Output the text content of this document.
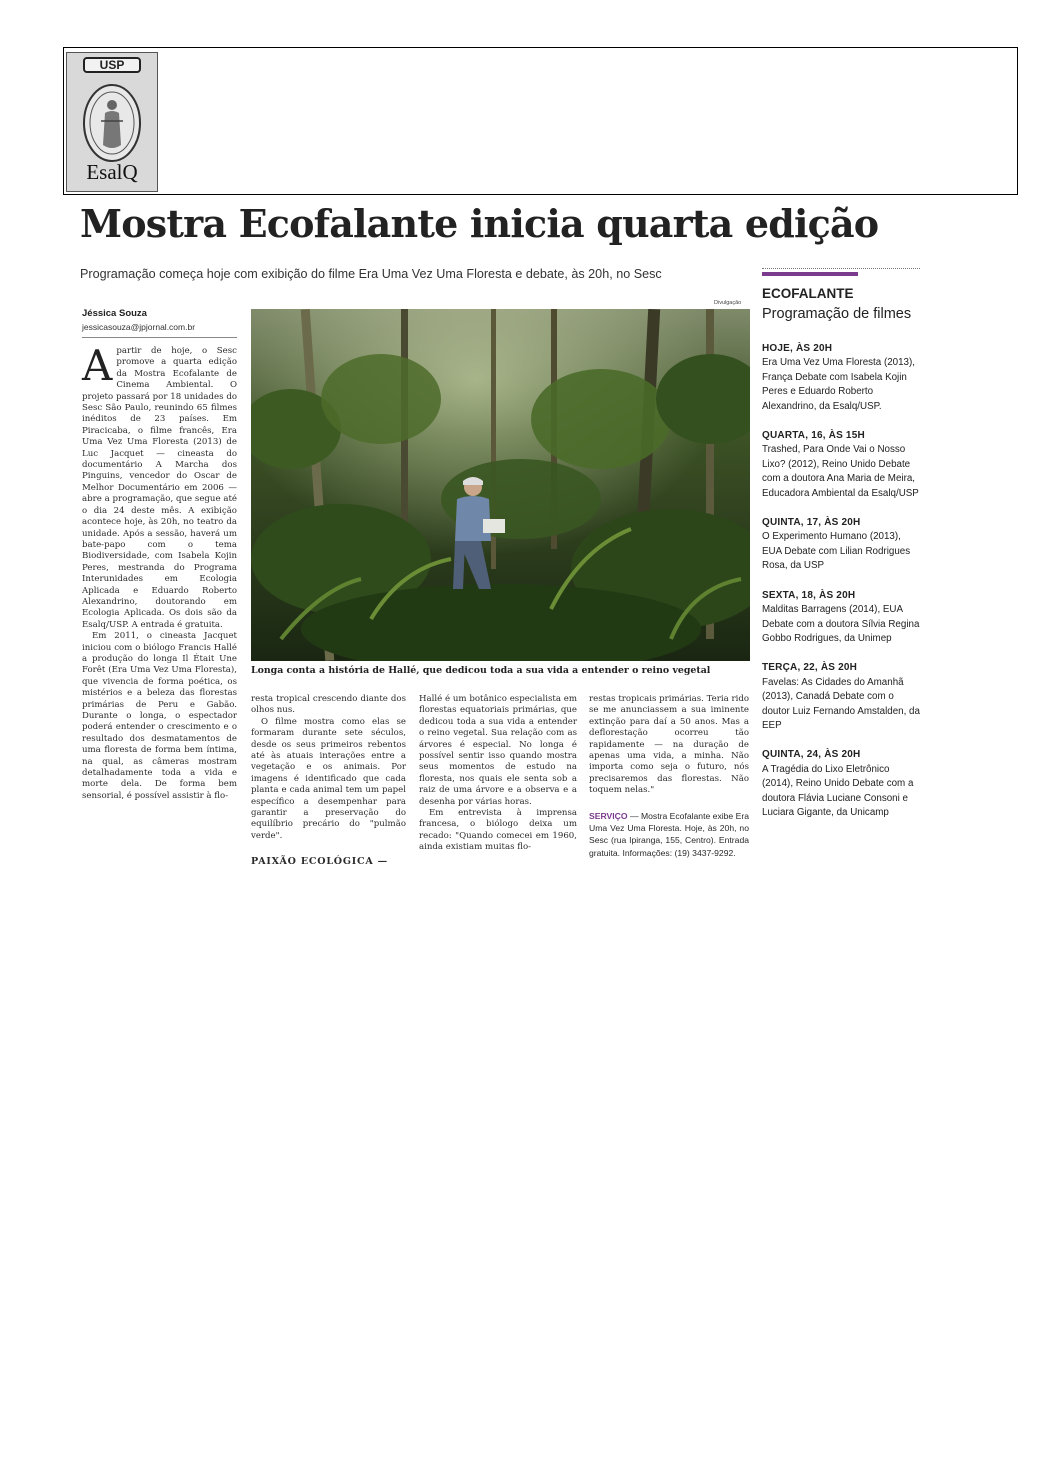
USP
EsalQ
Mostra Ecofalante inicia quarta edição
Programação começa hoje com exibição do filme Era Uma Vez Uma Floresta e debate, às 20h, no Sesc
Jéssica Souza
jessicasouza@jpjornal.com.br
A partir de hoje, o Sesc promove a quarta edição da Mostra Ecofalante de Cinema Ambiental. O projeto passará por 18 unidades do Sesc São Paulo, reunindo 65 filmes inéditos de 23 países. Em Piracicaba, o filme francês, Era Uma Vez Uma Floresta (2013) de Luc Jacquet — cineasta do documentário A Marcha dos Pinguins, vencedor do Oscar de Melhor Documentário em 2006 — abre a programação, que segue até o dia 24 deste mês. A exibição acontece hoje, às 20h, no teatro da unidade. Após a sessão, haverá um bate-papo com o tema Biodiversidade, com Isabela Kojin Peres, mestranda do Programa Interunidades em Ecologia Aplicada e Eduardo Roberto Alexandrino, doutorando em Ecologia Aplicada. Os dois são da Esalq/USP. A entrada é gratuita.

Em 2011, o cineasta Jacquet iniciou com o biólogo Francis Hallé a produção do longa Il Était Une Forêt (Era Uma Vez Uma Floresta), que vivencia de forma poética, os mistérios e a beleza das florestas primárias de Peru e Gabão. Durante o longa, o espectador poderá entender o crescimento e o resultado dos desmatamentos de uma floresta de forma bem íntima, na qual, as câmeras mostram detalhadamente toda a vida e morte dela. De forma bem sensorial, é possível assistir à flo-

Divulgação
Longa conta a história de Hallé, que dedicou toda a sua vida a entender o reino vegetal

resta tropical crescendo diante dos olhos nus.

O filme mostra como elas se formaram durante sete séculos, desde os seus primeiros rebentos até às atuais interações entre a vegetação e os animais. Por imagens é identificado que cada planta e cada animal tem um papel específico a desempenhar para garantir a preservação do equilíbrio precário do "pulmão verde".

PAIXÃO ECOLÓGICA —

Hallé é um botânico especialista em florestas equatoriais primárias, que dedicou toda a sua vida a entender o reino vegetal. Sua relação com as árvores é especial. No longa é possível sentir isso quando mostra seus momentos de estudo na floresta, nos quais ele senta sob a raiz de uma árvore e a observa e a desenha por várias horas.

Em entrevista à imprensa francesa, o biólogo deixa um recado: "Quando comecei em 1960, ainda existiam muitas flo-

restas tropicais primárias. Teria rido se me anunciassem a sua iminente extinção para daí a 50 anos. Mas a deflorestação ocorreu tão rapidamente — na duração de apenas uma vida, a minha. Não importa como seja o futuro, nós precisaremos das florestas. Não toquem nelas."

SERVIÇO — Mostra Ecofalante exibe Era Uma Vez Uma Floresta. Hoje, às 20h, no Sesc (rua Ipiranga, 155, Centro). Entrada gratuita. Informações: (19) 3437-9292.

ECOFALANTE
Programação de filmes
HOJE, ÀS 20H
Era Uma Vez Uma Floresta (2013), França Debate com Isabela Kojin Peres e Eduardo Roberto Alexandrino, da Esalq/USP.
QUARTA, 16, ÀS 15H
Trashed, Para Onde Vai o Nosso Lixo? (2012), Reino Unido Debate com a doutora Ana Maria de Meira, Educadora Ambiental da Esalq/USP
QUINTA, 17, ÀS 20H
O Experimento Humano (2013), EUA Debate com Lilian Rodrigues Rosa, da USP
SEXTA, 18, ÀS 20H
Malditas Barragens (2014), EUA Debate com a doutora Sílvia Regina Gobbo Rodrigues, da Unimep
TERÇA, 22, ÀS 20H
Favelas: As Cidades do Amanhã (2013), Canadá Debate com o doutor Luiz Fernando Amstalden, da EEP
QUINTA, 24, ÀS 20H
A Tragédia do Lixo Eletrônico (2014), Reino Unido Debate com a doutora Flávia Luciane Consoni e Luciara Gigante, da Unicamp
